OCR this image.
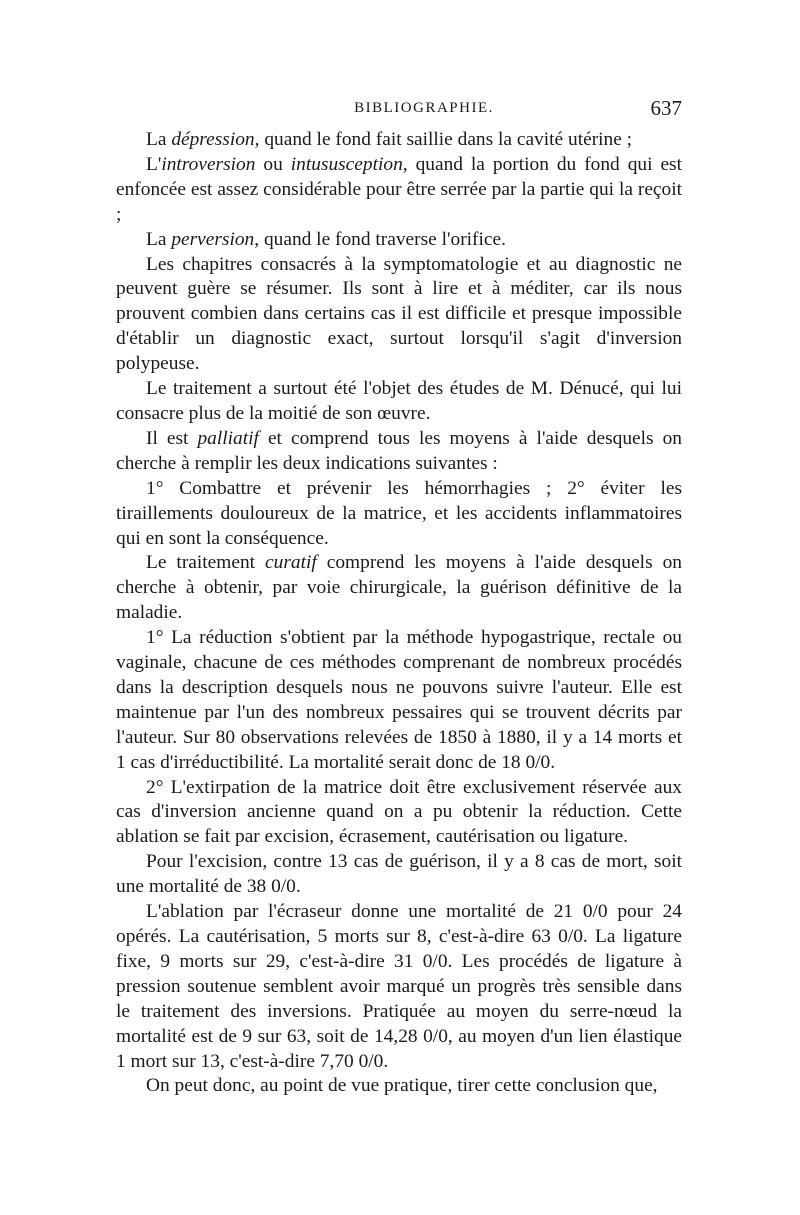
BIBLIOGRAPHIE.	637

La dépression, quand le fond fait saillie dans la cavité utérine ;

L'introversion ou intususception, quand la portion du fond qui est enfoncée est assez considérable pour être serrée par la partie qui la reçoit ;

La perversion, quand le fond traverse l'orifice.

Les chapitres consacrés à la symptomatologie et au diagnostic ne peuvent guère se résumer. Ils sont à lire et à méditer, car ils nous prouvent combien dans certains cas il est difficile et presque impossible d'établir un diagnostic exact, surtout lorsqu'il s'agit d'inversion polypeuse.

Le traitement a surtout été l'objet des études de M. Dénucé, qui lui consacre plus de la moitié de son œuvre.

Il est palliatif et comprend tous les moyens à l'aide desquels on cherche à remplir les deux indications suivantes :

1° Combattre et prévenir les hémorrhagies ; 2° éviter les tiraillements douloureux de la matrice, et les accidents inflammatoires qui en sont la conséquence.

Le traitement curatif comprend les moyens à l'aide desquels on cherche à obtenir, par voie chirurgicale, la guérison définitive de la maladie.

1° La réduction s'obtient par la méthode hypogastrique, rectale ou vaginale, chacune de ces méthodes comprenant de nombreux procédés dans la description desquels nous ne pouvons suivre l'auteur. Elle est maintenue par l'un des nombreux pessaires qui se trouvent décrits par l'auteur. Sur 80 observations relevées de 1850 à 1880, il y a 14 morts et 1 cas d'irréductibilité. La mortalité serait donc de 18 0/0.

2° L'extirpation de la matrice doit être exclusivement réservée aux cas d'inversion ancienne quand on a pu obtenir la réduction. Cette ablation se fait par excision, écrasement, cautérisation ou ligature.

Pour l'excision, contre 13 cas de guérison, il y a 8 cas de mort, soit une mortalité de 38 0/0.

L'ablation par l'écraseur donne une mortalité de 21 0/0 pour 24 opérés. La cautérisation, 5 morts sur 8, c'est-à-dire 63 0/0. La ligature fixe, 9 morts sur 29, c'est-à-dire 31 0/0. Les procédés de ligature à pression soutenue semblent avoir marqué un progrès très sensible dans le traitement des inversions. Pratiquée au moyen du serre-nœud la mortalité est de 9 sur 63, soit de 14,28 0/0, au moyen d'un lien élastique 1 mort sur 13, c'est-à-dire 7,70 0/0.

On peut donc, au point de vue pratique, tirer cette conclusion que,
